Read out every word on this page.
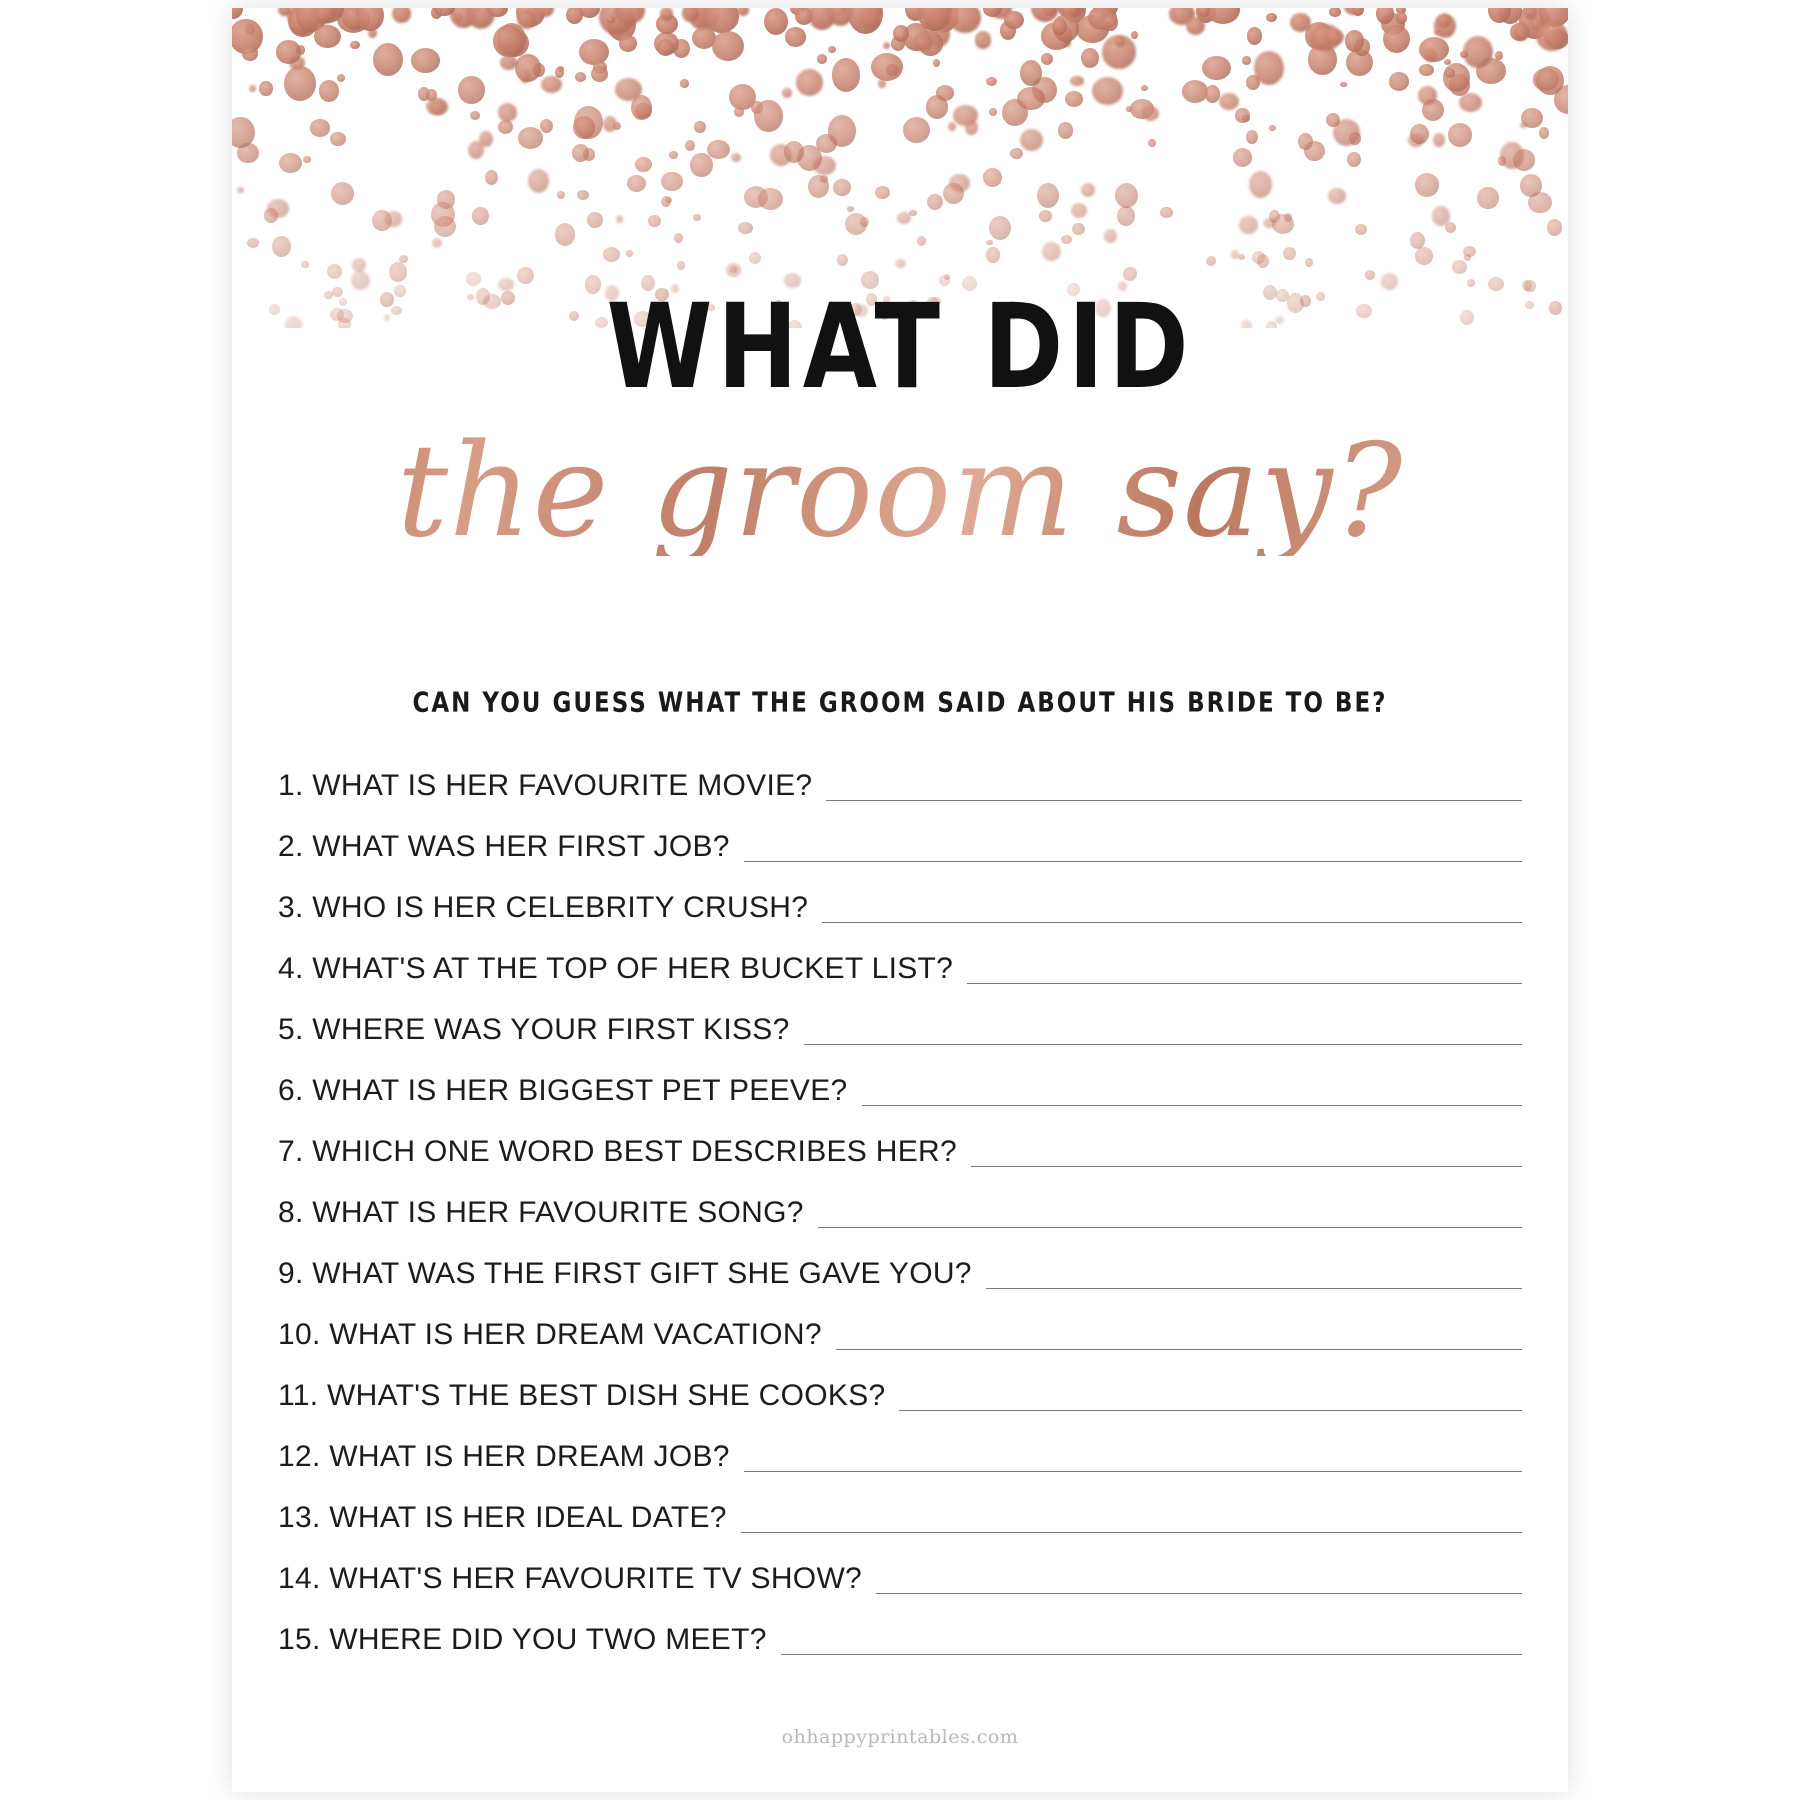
WHAT DID
the groom say?
CAN YOU GUESS WHAT THE GROOM SAID ABOUT HIS BRIDE TO BE?
1. WHAT IS HER FAVOURITE MOVIE?
2. WHAT WAS HER FIRST JOB?
3. WHO IS HER CELEBRITY CRUSH?
4. WHAT'S AT THE TOP OF HER BUCKET LIST?
5. WHERE WAS YOUR FIRST KISS?
6. WHAT IS HER BIGGEST PET PEEVE?
7. WHICH ONE WORD BEST DESCRIBES HER?
8. WHAT IS HER FAVOURITE SONG?
9. WHAT WAS THE FIRST GIFT SHE GAVE YOU?
10. WHAT IS HER DREAM VACATION?
11. WHAT'S THE BEST DISH SHE COOKS?
12. WHAT IS HER DREAM JOB?
13. WHAT IS HER IDEAL DATE?
14. WHAT'S HER FAVOURITE TV SHOW?
15. WHERE DID YOU TWO MEET?
ohhappyprintables.com
